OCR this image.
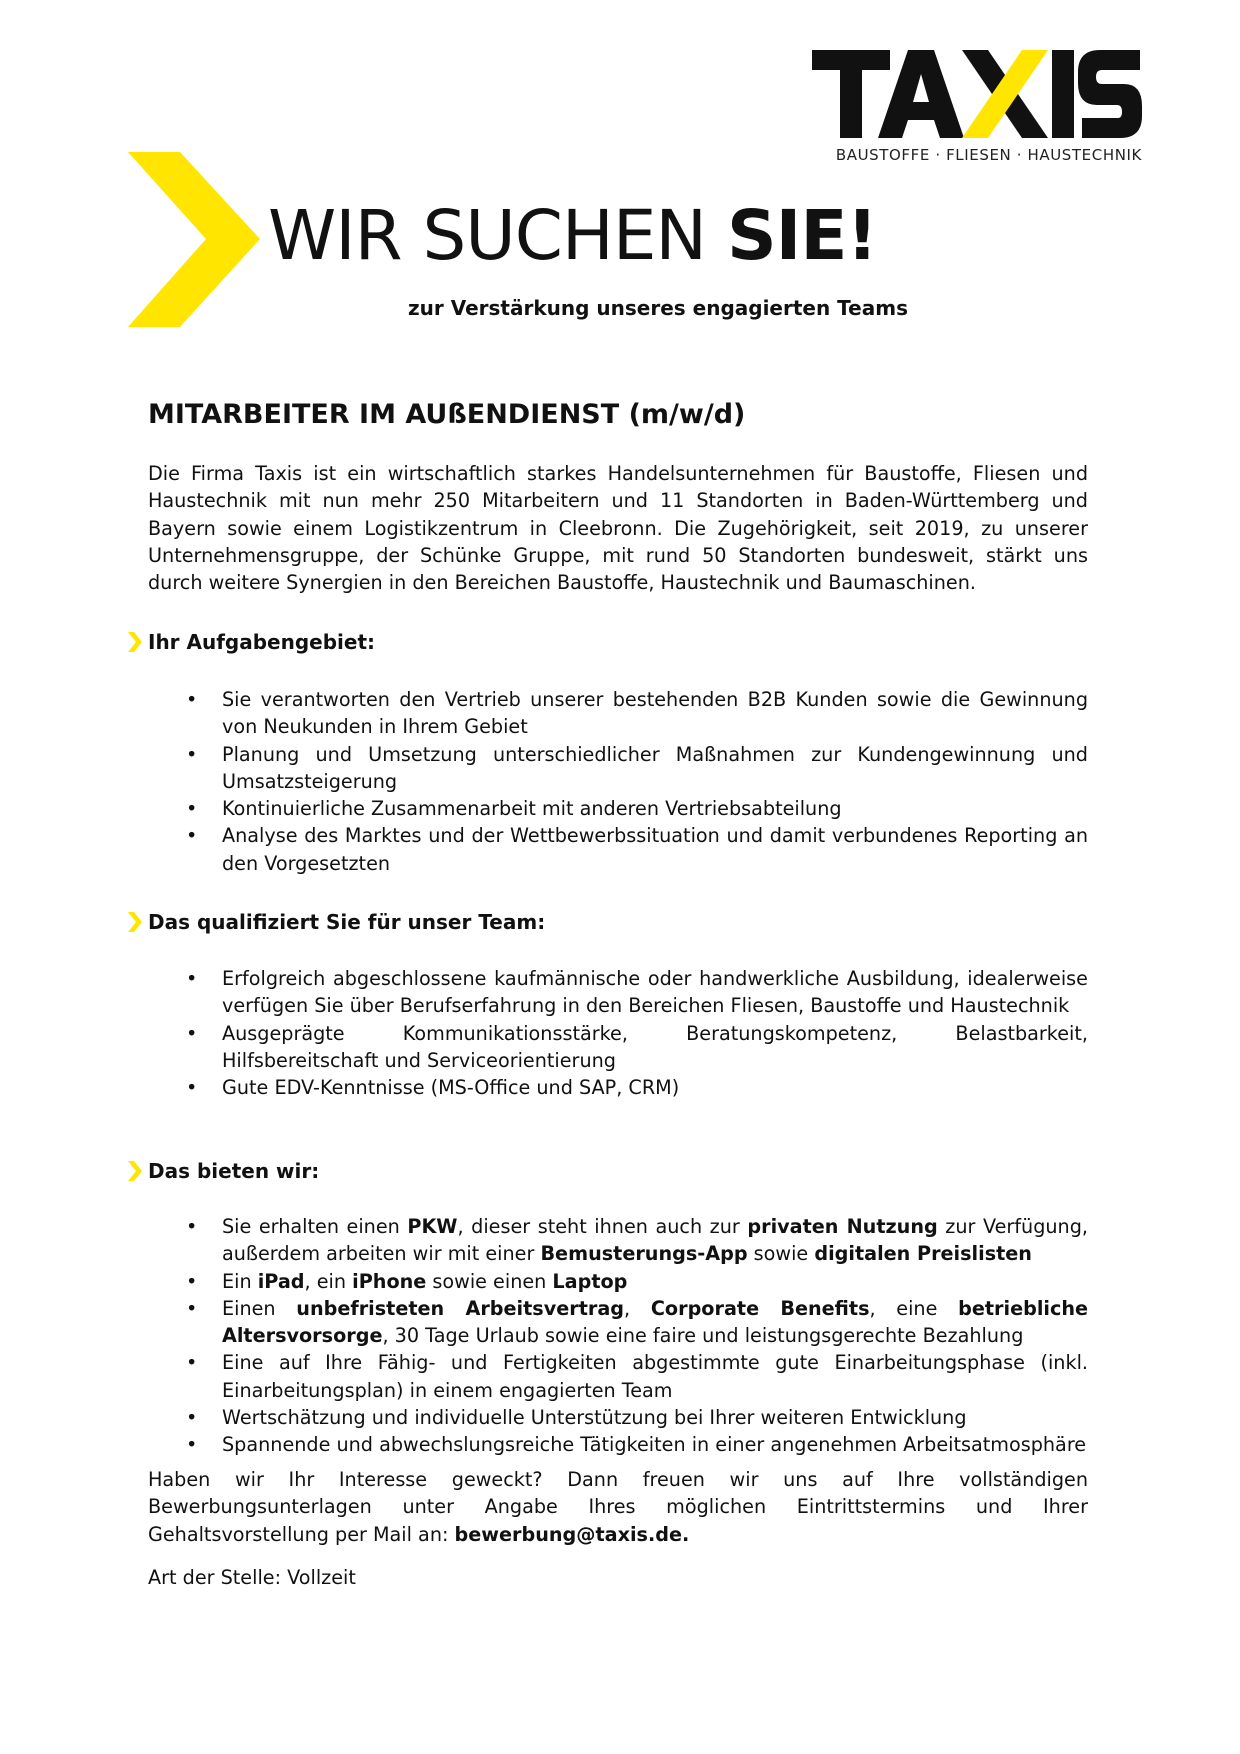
BAUSTOFFE · FLIESEN · HAUSTECHNIK
WIR SUCHEN SIE!
zur Verstärkung unseres engagierten Teams
MITARBEITER IM AUßENDIENST (m/w/d)

Die Firma Taxis ist ein wirtschaftlich starkes Handelsunternehmen für Baustoffe, Fliesen und Haustechnik mit nun mehr 250 Mitarbeitern und 11 Standorten in Baden-Württemberg und Bayern sowie einem Logistikzentrum in Cleebronn. Die Zugehörigkeit, seit 2019, zu unserer Unternehmensgruppe, der Schünke Gruppe, mit rund 50 Standorten bundesweit, stärkt uns durch weitere Synergien in den Bereichen Baustoffe, Haustechnik und Baumaschinen.

Ihr Aufgabengebiet:
• Sie verantworten den Vertrieb unserer bestehenden B2B Kunden sowie die Gewinnung von Neukunden in Ihrem Gebiet
• Planung und Umsetzung unterschiedlicher Maßnahmen zur Kundengewinnung und Umsatzsteigerung
• Kontinuierliche Zusammenarbeit mit anderen Vertriebsabteilung
• Analyse des Marktes und der Wettbewerbssituation und damit verbundenes Reporting an den Vorgesetzten
Das qualifiziert Sie für unser Team:
• Erfolgreich abgeschlossene kaufmännische oder handwerkliche Ausbildung, idealerweise verfügen Sie über Berufserfahrung in den Bereichen Fliesen, Baustoffe und Haustechnik
• Ausgeprägte Kommunikationsstärke, Beratungskompetenz, Belastbarkeit, Hilfsbereitschaft und Serviceorientierung
• Gute EDV-Kenntnisse (MS-Office und SAP, CRM)
Das bieten wir:
• Sie erhalten einen PKW, dieser steht ihnen auch zur privaten Nutzung zur Verfügung, außerdem arbeiten wir mit einer Bemusterungs-App sowie digitalen Preislisten
• Ein iPad, ein iPhone sowie einen Laptop
• Einen unbefristeten Arbeitsvertrag, Corporate Benefits, eine betriebliche Altersvorsorge, 30 Tage Urlaub sowie eine faire und leistungsgerechte Bezahlung
• Eine auf Ihre Fähig- und Fertigkeiten abgestimmte gute Einarbeitungsphase (inkl. Einarbeitungsplan) in einem engagierten Team
• Wertschätzung und individuelle Unterstützung bei Ihrer weiteren Entwicklung
• Spannende und abwechslungsreiche Tätigkeiten in einer angenehmen Arbeitsatmosphäre

Haben wir Ihr Interesse geweckt? Dann freuen wir uns auf Ihre vollständigen Bewerbungsunterlagen unter Angabe Ihres möglichen Eintrittstermins und Ihrer Gehaltsvorstellung per Mail an: bewerbung@taxis.de.

Art der Stelle: Vollzeit
